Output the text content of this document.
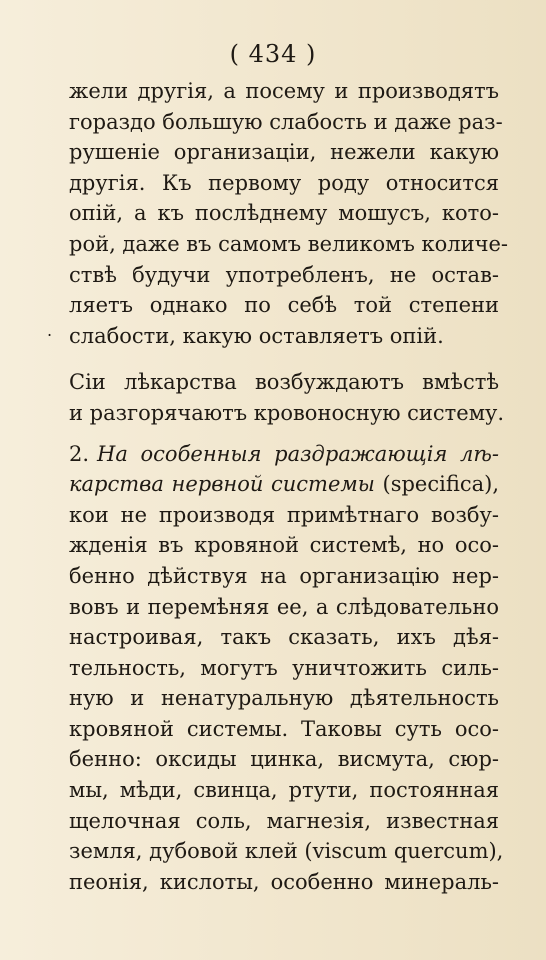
( 434 )
.
жели другія, а посему и производятъ
гораздо большую слабость и даже раз-
рушеніе организаціи, нежели какую
другія. Къ первому роду относится
опій, а къ послѣднему мошусъ, кото-
рой, даже въ самомъ великомъ количе-
ствѣ будучи употребленъ, не остав-
ляетъ однако по себѣ той степени
слабости, какую оставляетъ опій.
Сіи лѣкарства возбуждаютъ вмѣстѣ
и разгорячаютъ кровоносную систему.
2. На особенныя раздражающія лѣ-
карства нервной системы (specifica),
кои не производя примѣтнаго возбу-
жденія въ кровяной системѣ, но осо-
бенно дѣйствуя на организацію нер-
вовъ и перемѣняя ее, а слѣдовательно
настроивая, такъ сказать, ихъ дѣя-
тельность, могутъ уничтожить силь-
ную и ненатуральную дѣятельность
кровяной системы. Таковы суть осо-
бенно: оксиды цинка, висмута, сюр-
мы, мѣди, свинца, ртути, постоянная
щелочная соль, магнезія, известная
земля, дубовой клей (viscum quercum),
пеонія, кислоты, особенно минераль-
